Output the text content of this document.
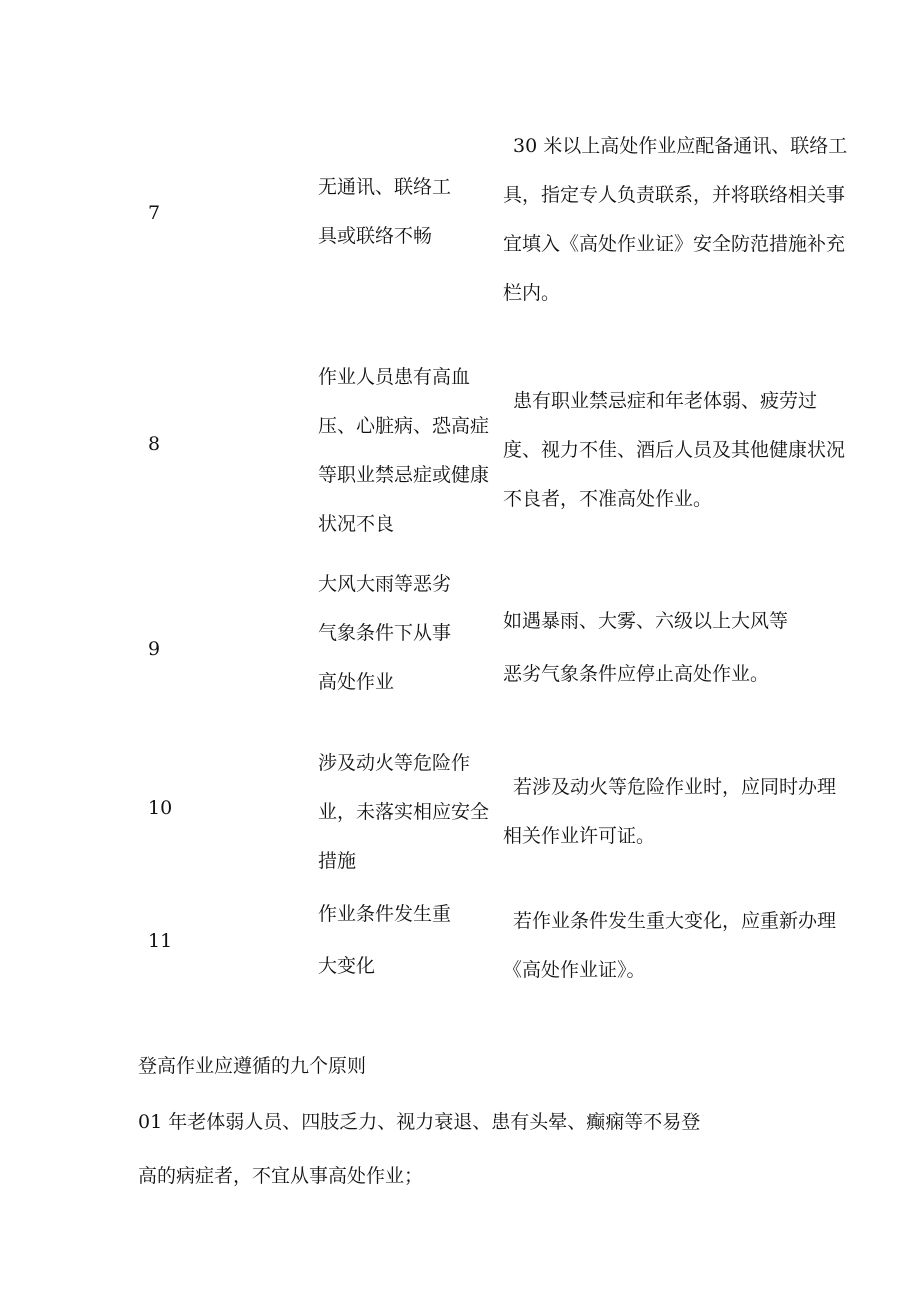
7
无通讯、联络工
具或联络不畅
30 米以上高处作业应配备通讯、联络工
具，指定专人负责联系，并将联络相关事
宜填入《高处作业证》安全防范措施补充
栏内。
8
作业人员患有高血
压、心脏病、恐高症
等职业禁忌症或健康
状况不良
患有职业禁忌症和年老体弱、疲劳过
度、视力不佳、酒后人员及其他健康状况
不良者，不准高处作业。
9
大风大雨等恶劣
气象条件下从事
高处作业
如遇暴雨、大雾、六级以上大风等
恶劣气象条件应停止高处作业。
10
涉及动火等危险作
业，未落实相应安全
措施
若涉及动火等危险作业时，应同时办理
相关作业许可证。
11
作业条件发生重
大变化
若作业条件发生重大变化，应重新办理
《高处作业证》。
登高作业应遵循的九个原则
01 年老体弱人员、四肢乏力、视力衰退、患有头晕、癫痫等不易登
高的病症者，不宜从事高处作业；
